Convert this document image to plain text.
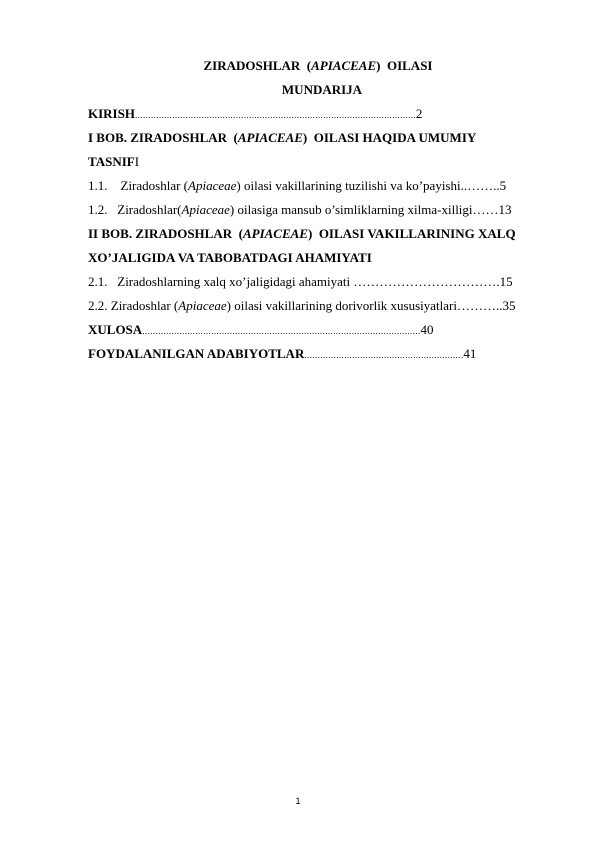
ZIRADOSHLAR  (APIACEAE)  OILASI
MUNDARIJA
KIRISH..........................................................................................................2
I BOB. ZIRADOSHLAR  (APIACEAE)  OILASI HAQIDA UMUMIY
TASNIFI
1.1.    Ziradoshlar (Apiaceae) oilasi vakillarining tuzilishi va ko’payishi..……..5
1.2.   Ziradoshlar(Apiaceae) oilasiga mansub o’simliklarning xilma-xilligi……13
II BOB. ZIRADOSHLAR  (APIACEAE)  OILASI VAKILLARINING XALQ
XO’JALIGIDA VA TABOBATDAGI AHAMIYATI
2.1.   Ziradoshlarning xalq xo’jaligidagi ahamiyati …………………………….15
2.2. Ziradoshlar (Apiaceae) oilasi vakillarining dorivorlik xususiyatlari………..35
XULOSA.........................................................................................................40
FOYDALANILGAN ADABIYOTLAR............................................................41
1
